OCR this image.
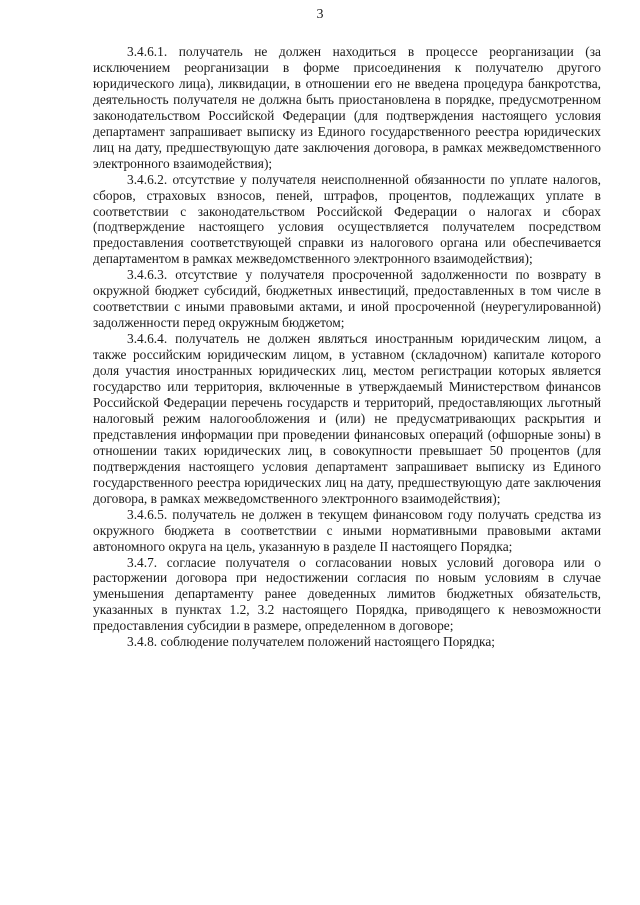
3

3.4.6.1. получатель не должен находиться в процессе реорганизации (за исключением реорганизации в форме присоединения к получателю другого юридического лица), ликвидации, в отношении его не введена процедура банкротства, деятельность получателя не должна быть приостановлена в порядке, предусмотренном законодательством Российской Федерации (для подтверждения настоящего условия департамент запрашивает выписку из Единого государственного реестра юридических лиц на дату, предшествующую дате заключения договора, в рамках межведомственного электронного взаимодействия);

3.4.6.2. отсутствие у получателя неисполненной обязанности по уплате налогов, сборов, страховых взносов, пеней, штрафов, процентов, подлежащих уплате в соответствии с законодательством Российской Федерации о налогах и сборах (подтверждение настоящего условия осуществляется получателем посредством предоставления соответствующей справки из налогового органа или обеспечивается департаментом в рамках межведомственного электронного взаимодействия);

3.4.6.3. отсутствие у получателя просроченной задолженности по возврату в окружной бюджет субсидий, бюджетных инвестиций, предоставленных в том числе в соответствии с иными правовыми актами, и иной просроченной (неурегулированной) задолженности перед окружным бюджетом;

3.4.6.4. получатель не должен являться иностранным юридическим лицом, а также российским юридическим лицом, в уставном (складочном) капитале которого доля участия иностранных юридических лиц, местом регистрации которых является государство или территория, включенные в утверждаемый Министерством финансов Российской Федерации перечень государств и территорий, предоставляющих льготный налоговый режим налогообложения и (или) не предусматривающих раскрытия и представления информации при проведении финансовых операций (офшорные зоны) в отношении таких юридических лиц, в совокупности превышает 50 процентов (для подтверждения настоящего условия департамент запрашивает выписку из Единого государственного реестра юридических лиц на дату, предшествующую дате заключения договора, в рамках межведомственного электронного взаимодействия);

3.4.6.5. получатель не должен в текущем финансовом году получать средства из окружного бюджета в соответствии с иными нормативными правовыми актами автономного округа на цель, указанную в разделе II настоящего Порядка;

3.4.7. согласие получателя о согласовании новых условий договора или о расторжении договора при недостижении согласия по новым условиям в случае уменьшения департаменту ранее доведенных лимитов бюджетных обязательств, указанных в пунктах 1.2, 3.2 настоящего Порядка, приводящего к невозможности предоставления субсидии в размере, определенном в договоре;

3.4.8. соблюдение получателем положений настоящего Порядка;
